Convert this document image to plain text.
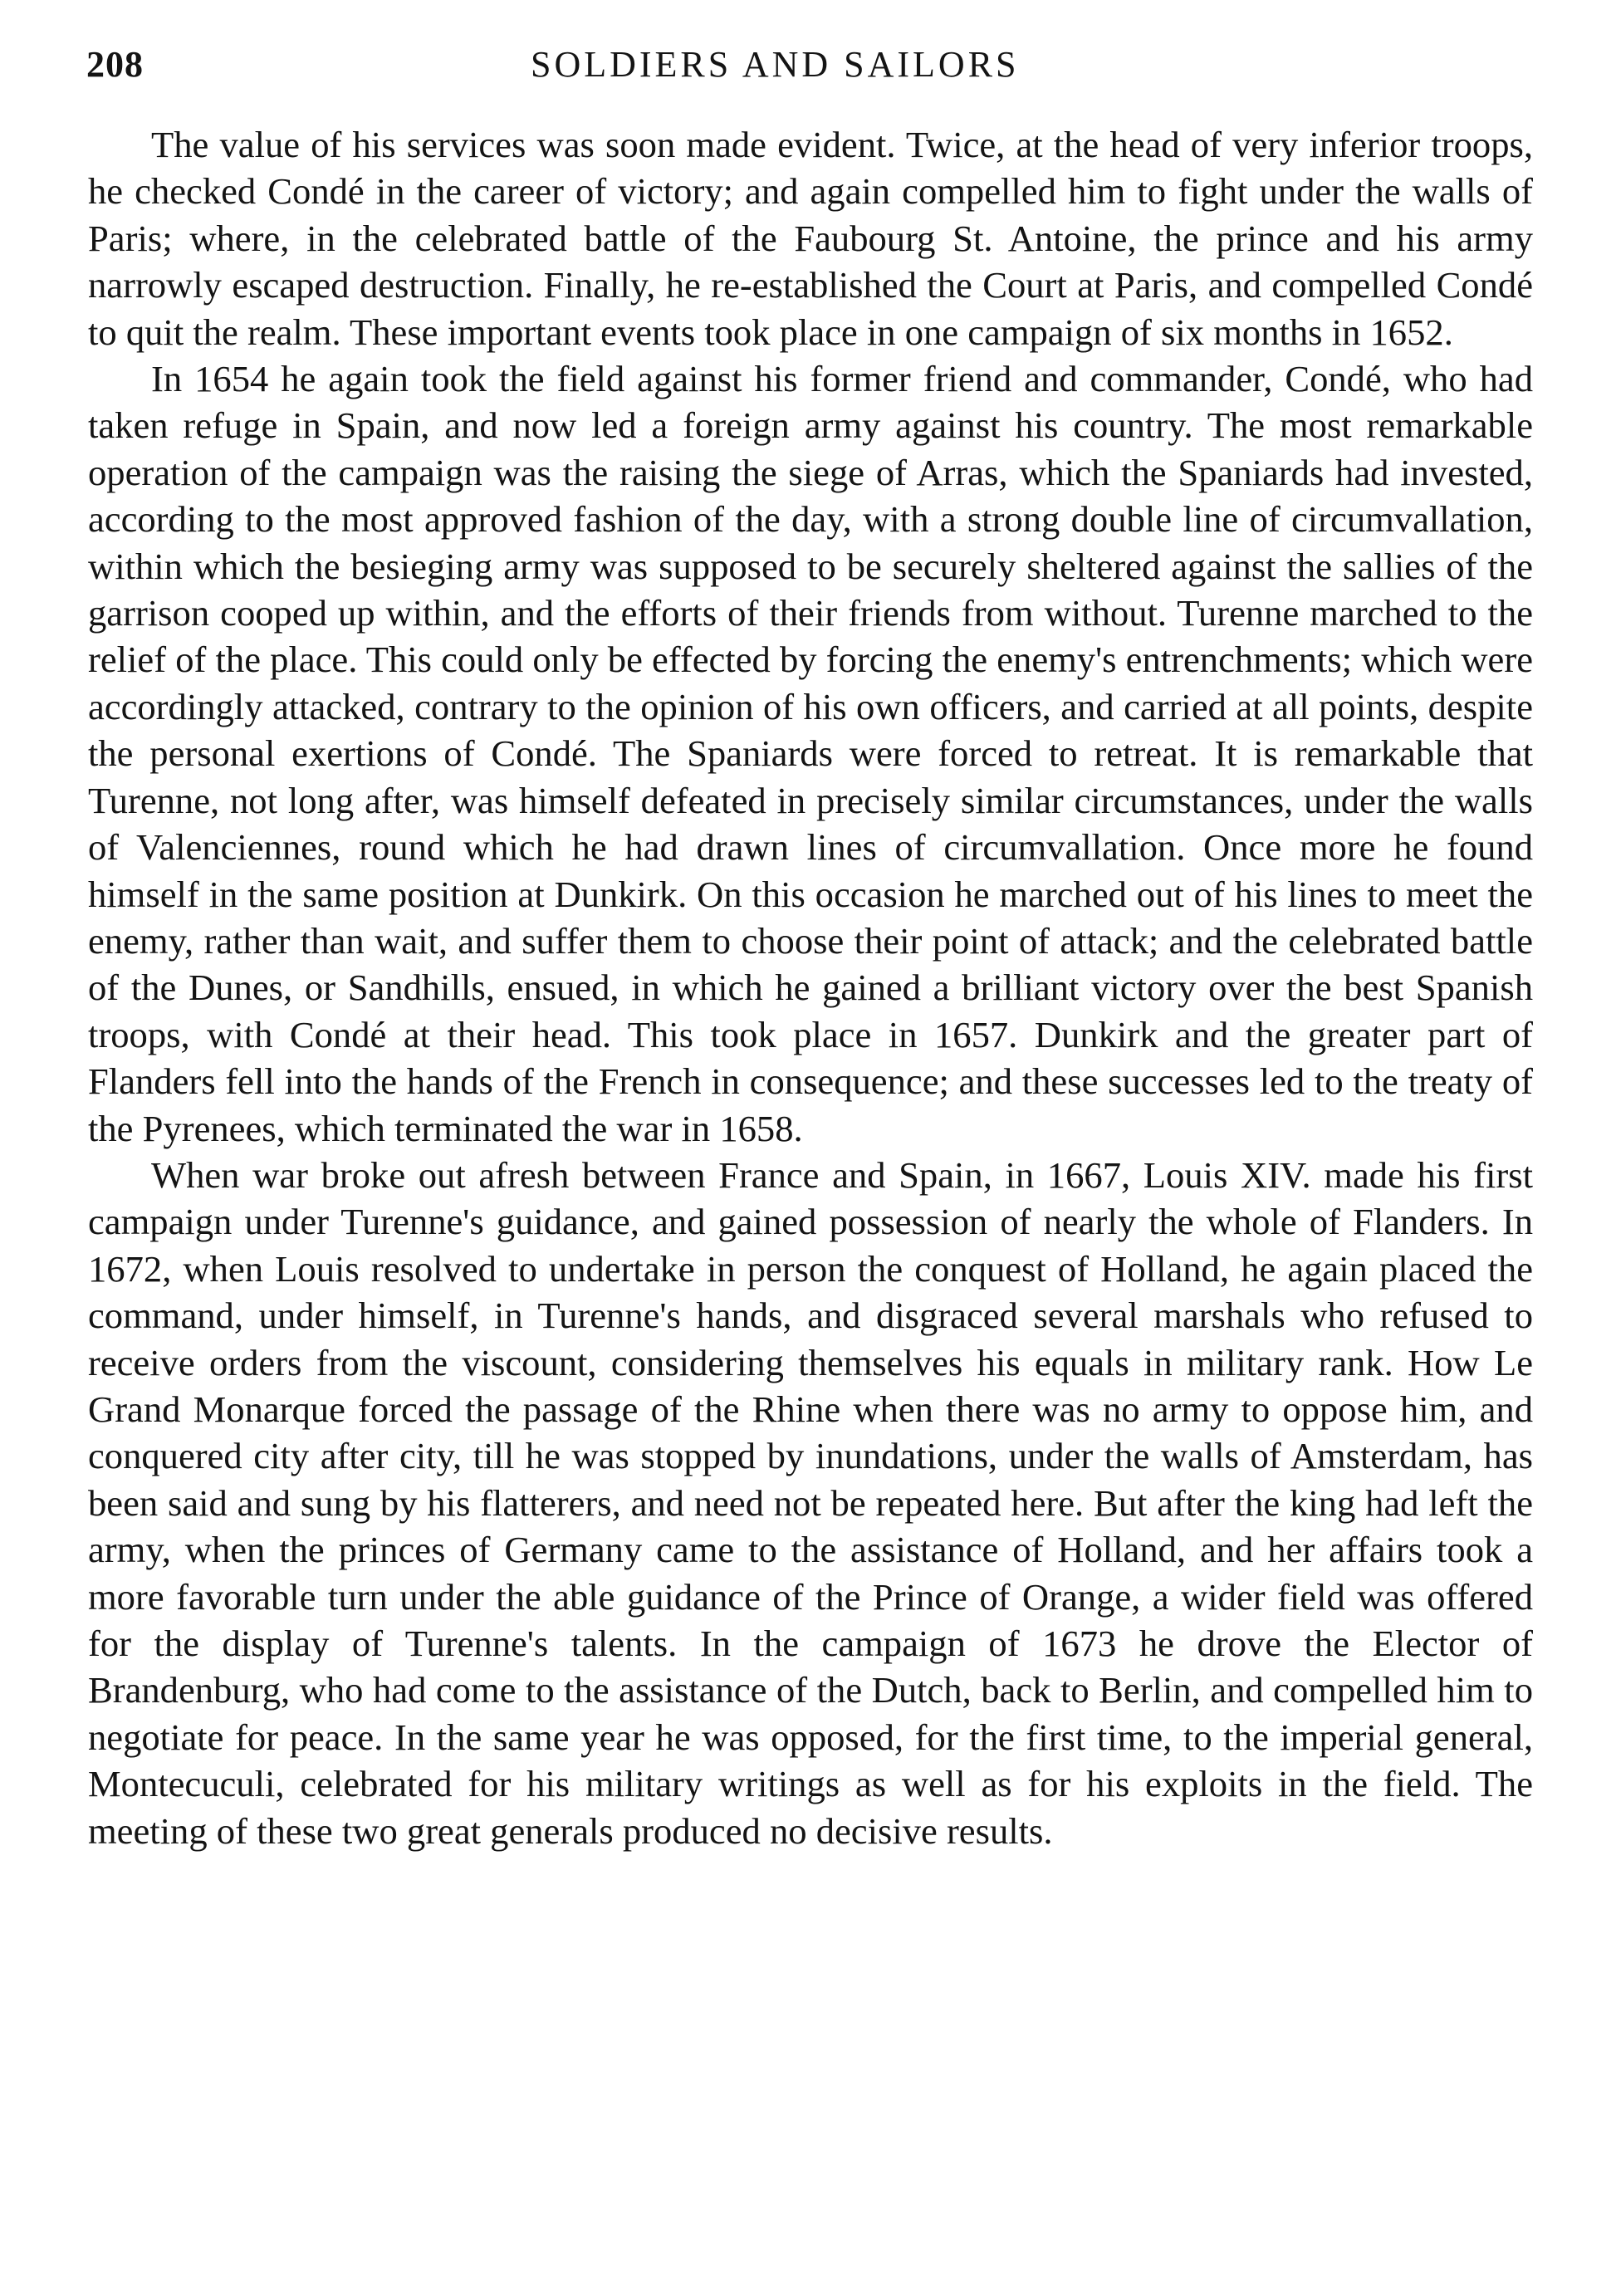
208	SOLDIERS AND SAILORS

The value of his services was soon made evident. Twice, at the head of very inferior troops, he checked Condé in the career of victory; and again compelled him to fight under the walls of Paris; where, in the celebrated battle of the Faubourg St. Antoine, the prince and his army narrowly escaped destruction. Finally, he re-established the Court at Paris, and compelled Condé to quit the realm. These important events took place in one campaign of six months in 1652.

In 1654 he again took the field against his former friend and commander, Condé, who had taken refuge in Spain, and now led a foreign army against his country. The most remarkable operation of the campaign was the raising the siege of Arras, which the Spaniards had invested, according to the most approved fashion of the day, with a strong double line of circumvallation, within which the besieging army was supposed to be securely sheltered against the sallies of the garrison cooped up within, and the efforts of their friends from without. Turenne marched to the relief of the place. This could only be effected by forcing the enemy's entrenchments; which were accordingly attacked, contrary to the opinion of his own officers, and carried at all points, despite the personal exertions of Condé. The Spaniards were forced to retreat. It is remarkable that Turenne, not long after, was himself defeated in precisely similar circumstances, under the walls of Valenciennes, round which he had drawn lines of circumvallation. Once more he found himself in the same position at Dunkirk. On this occasion he marched out of his lines to meet the enemy, rather than wait, and suffer them to choose their point of attack; and the celebrated battle of the Dunes, or Sandhills, ensued, in which he gained a brilliant victory over the best Spanish troops, with Condé at their head. This took place in 1657. Dunkirk and the greater part of Flanders fell into the hands of the French in consequence; and these successes led to the treaty of the Pyrenees, which terminated the war in 1658.

When war broke out afresh between France and Spain, in 1667, Louis XIV. made his first campaign under Turenne's guidance, and gained possession of nearly the whole of Flanders. In 1672, when Louis resolved to undertake in person the conquest of Holland, he again placed the command, under himself, in Turenne's hands, and disgraced several marshals who refused to receive orders from the viscount, considering themselves his equals in military rank. How Le Grand Monarque forced the passage of the Rhine when there was no army to oppose him, and conquered city after city, till he was stopped by inundations, under the walls of Amsterdam, has been said and sung by his flatterers, and need not be repeated here. But after the king had left the army, when the princes of Germany came to the assistance of Holland, and her affairs took a more favorable turn under the able guidance of the Prince of Orange, a wider field was offered for the display of Turenne's talents. In the campaign of 1673 he drove the Elector of Brandenburg, who had come to the assistance of the Dutch, back to Berlin, and compelled him to negotiate for peace. In the same year he was opposed, for the first time, to the imperial general, Montecuculi, celebrated for his military writings as well as for his exploits in the field. The meeting of these two great generals produced no decisive results.
